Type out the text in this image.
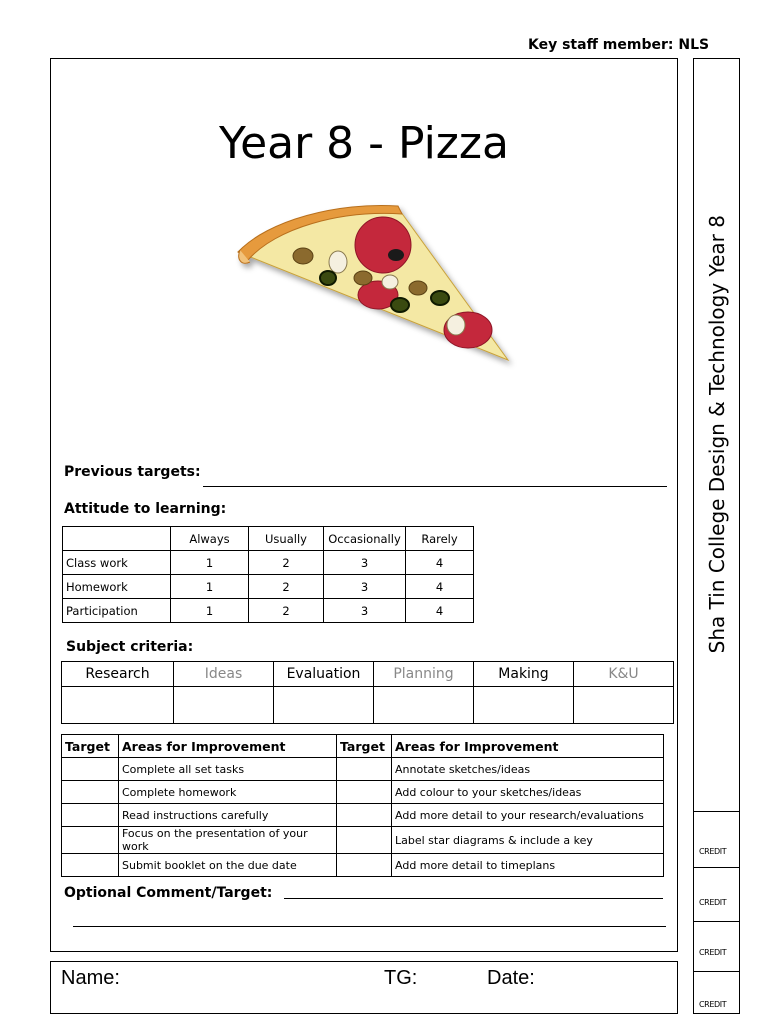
Key staff member: NLS
Sha Tin College Design & Technology Year 8
CREDIT
CREDIT
CREDIT
CREDIT
Year 8 - Pizza
Previous targets:
Attitude to learning:
	Always	Usually	Occasionally	Rarely
Class work	1	2	3	4
Homework	1	2	3	4
Participation	1	2	3	4
Subject criteria:
Research	Ideas	Evaluation	Planning	Making	K&U

Target	Areas for Improvement	Target	Areas for Improvement
	Complete all set tasks		Annotate sketches/ideas
	Complete homework		Add colour to your sketches/ideas
	Read instructions carefully		Add more detail to your research/evaluations
	Focus on the presentation of your work		Label star diagrams & include a key
	Submit booklet on the due date		Add more detail to timeplans
Optional Comment/Target:
Name:	TG:	Date:
